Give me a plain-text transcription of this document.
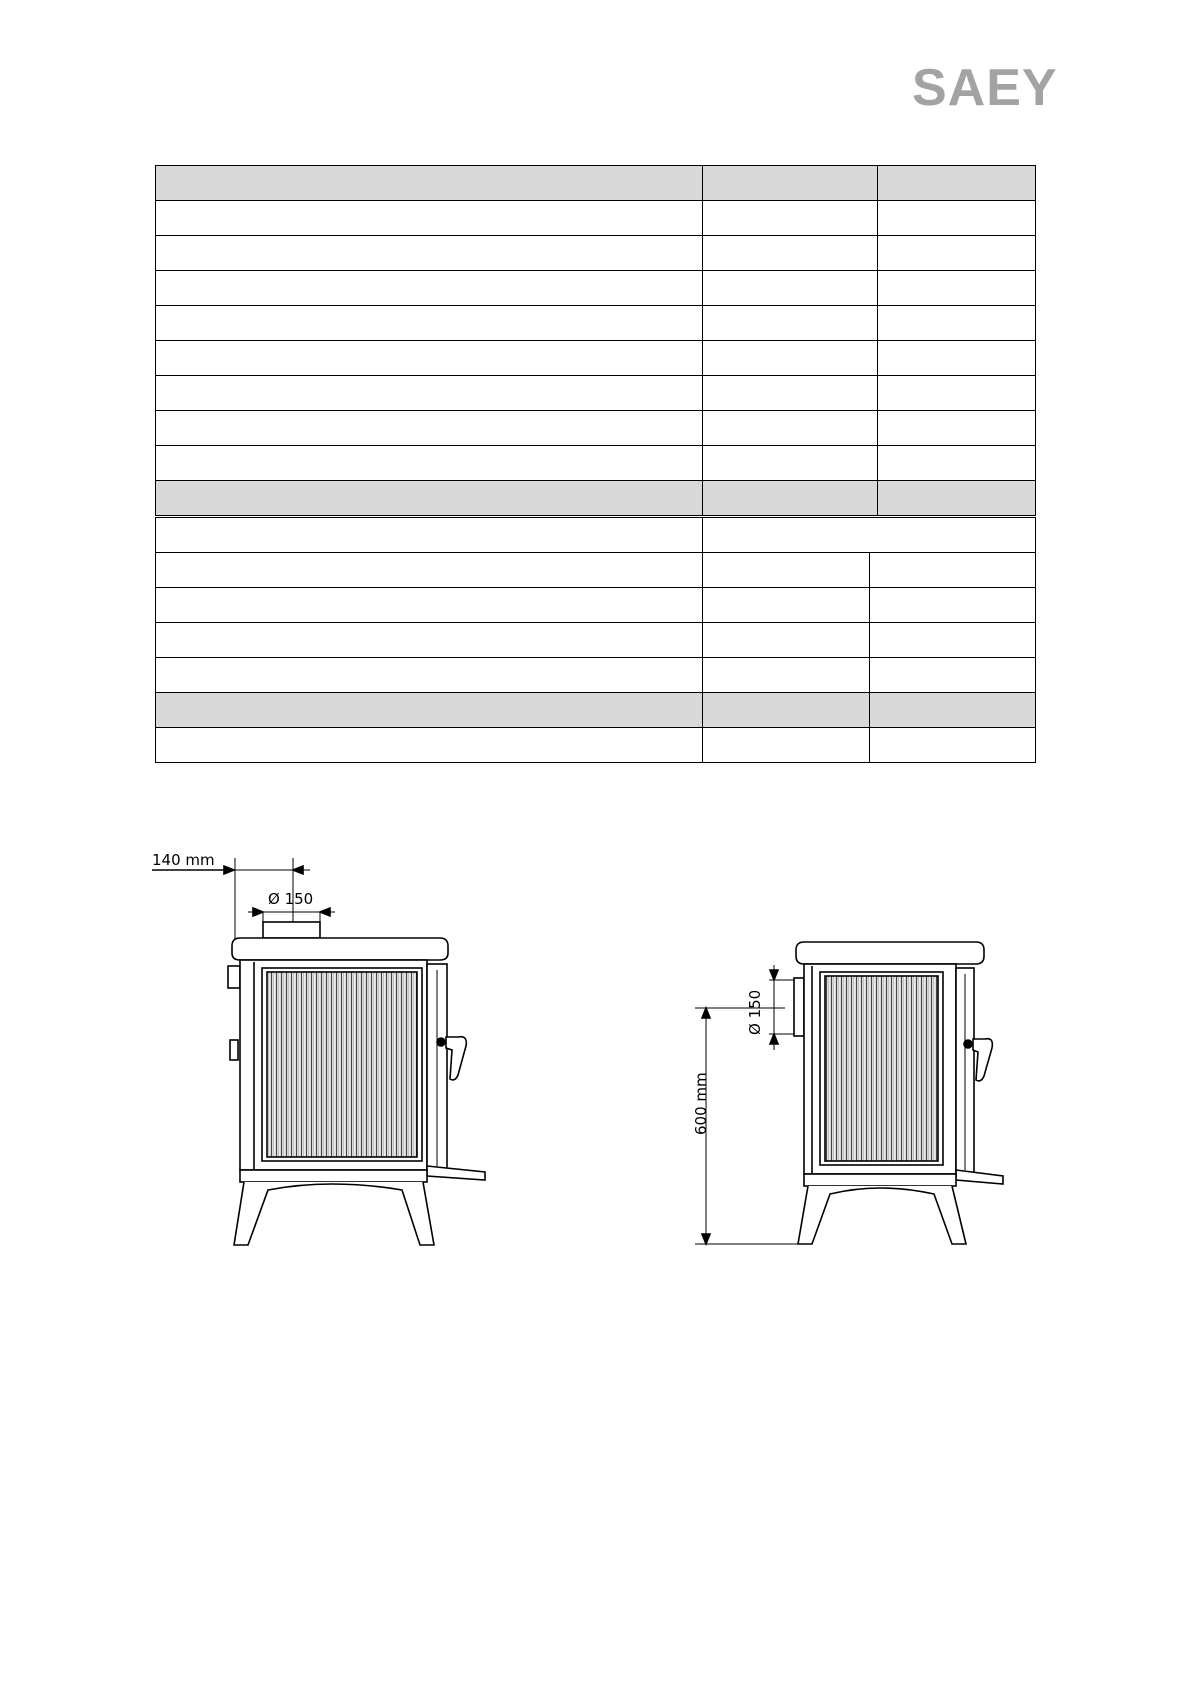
SAEY

140 mm
Ø 150
600 mm
Ø 150
